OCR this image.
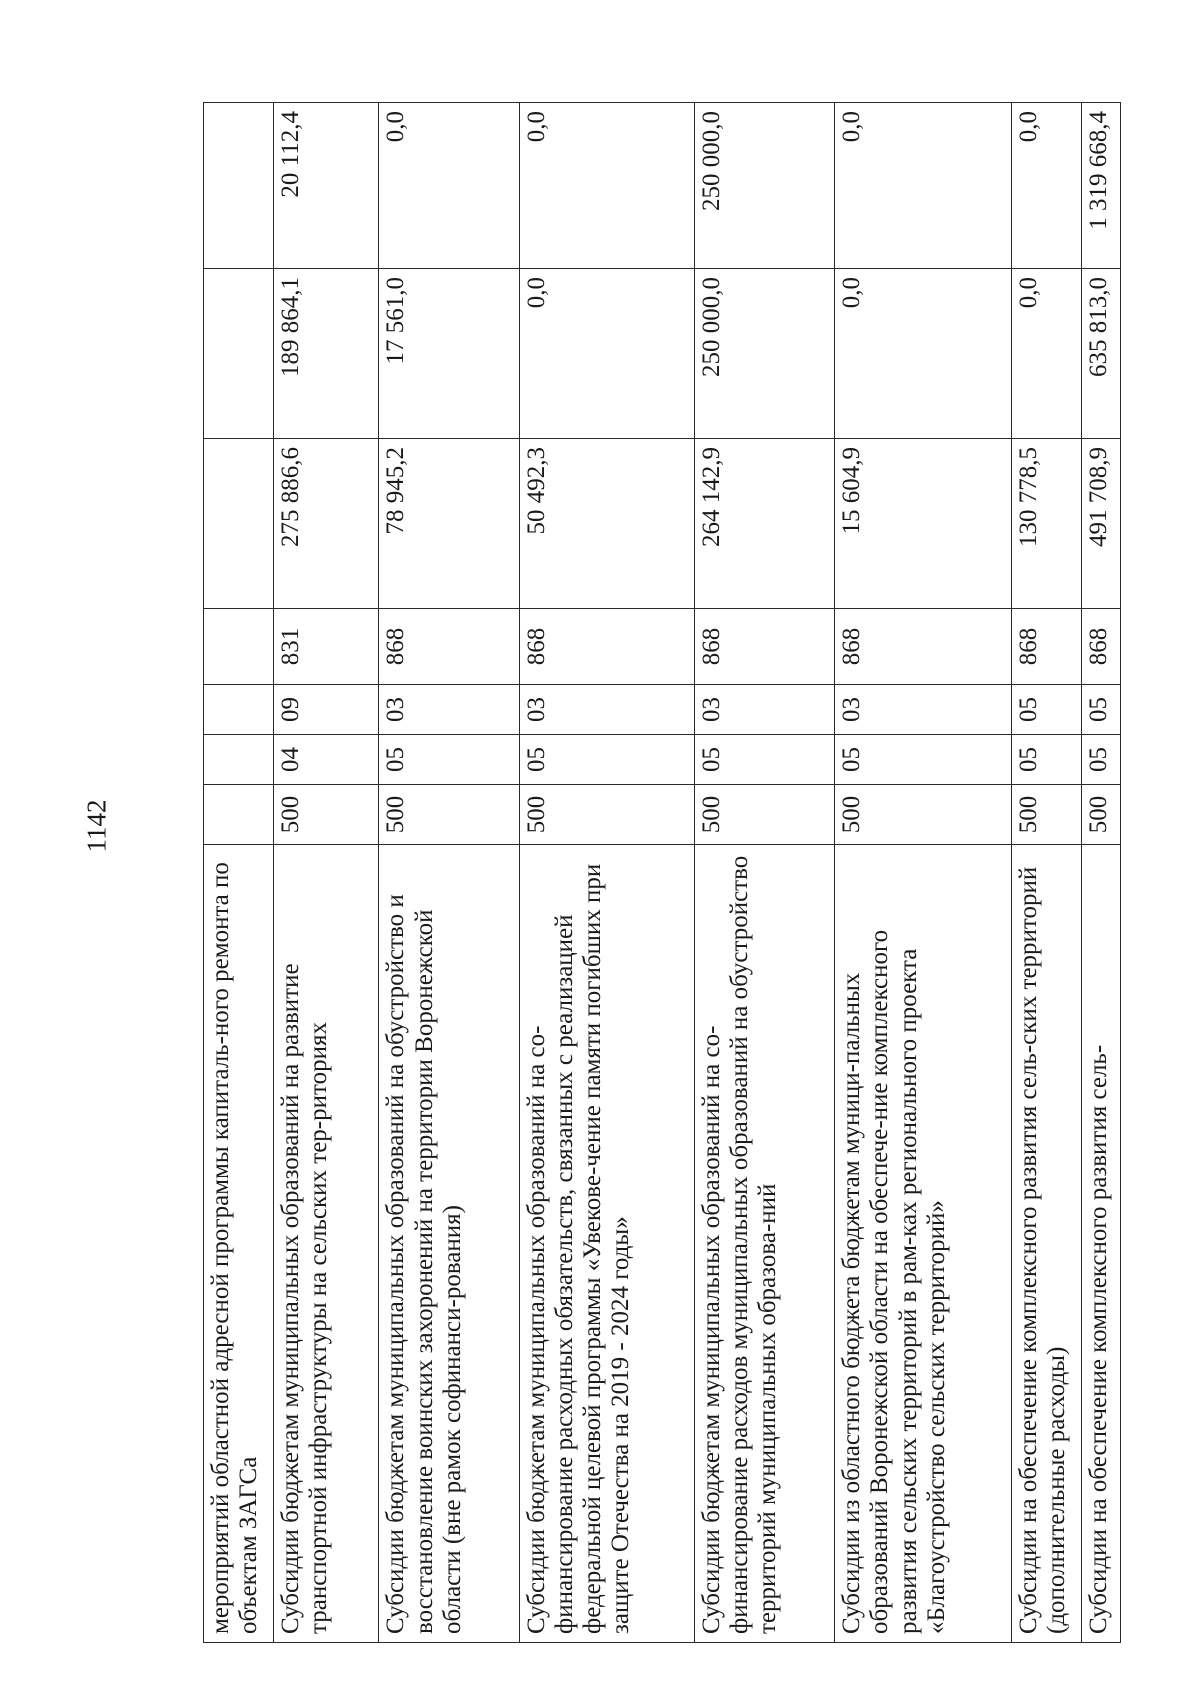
1142
мероприятий областной адресной программы капиталь-ного ремонта по объектам ЗАГСа							
Субсидии бюджетам муниципальных образований на развитие транспортной инфраструктуры на сельских тер-риториях	500	04	09	831	275 886,6	189 864,1	20 112,4
Субсидии бюджетам муниципальных образований на обустройство и восстановление воинских захоронений на территории Воронежской области (вне рамок софинанси-рования)	500	05	03	868	78 945,2	17 561,0	0,0
Субсидии бюджетам муниципальных образований на со-финансирование расходных обязательств, связанных с реализацией федеральной целевой программы «Увекове-чение памяти погибших при защите Отечества на 2019 - 2024 годы»	500	05	03	868	50 492,3	0,0	0,0
Субсидии бюджетам муниципальных образований на со-финансирование расходов муниципальных образований на обустройство территорий муниципальных образова-ний	500	05	03	868	264 142,9	250 000,0	250 000,0
Субсидии из областного бюджета бюджетам муници-пальных образований Воронежской области на обеспече-ние комплексного развития сельских территорий в рам-ках регионального проекта «Благоустройство сельских территорий»	500	05	03	868	15 604,9	0,0	0,0
Субсидии на обеспечение комплексного развития сель-ских территорий (дополнительные расходы)	500	05	05	868	130 778,5	0,0	0,0
Субсидии на обеспечение комплексного развития сель-	500	05	05	868	491 708,9	635 813,0	1 319 668,4
